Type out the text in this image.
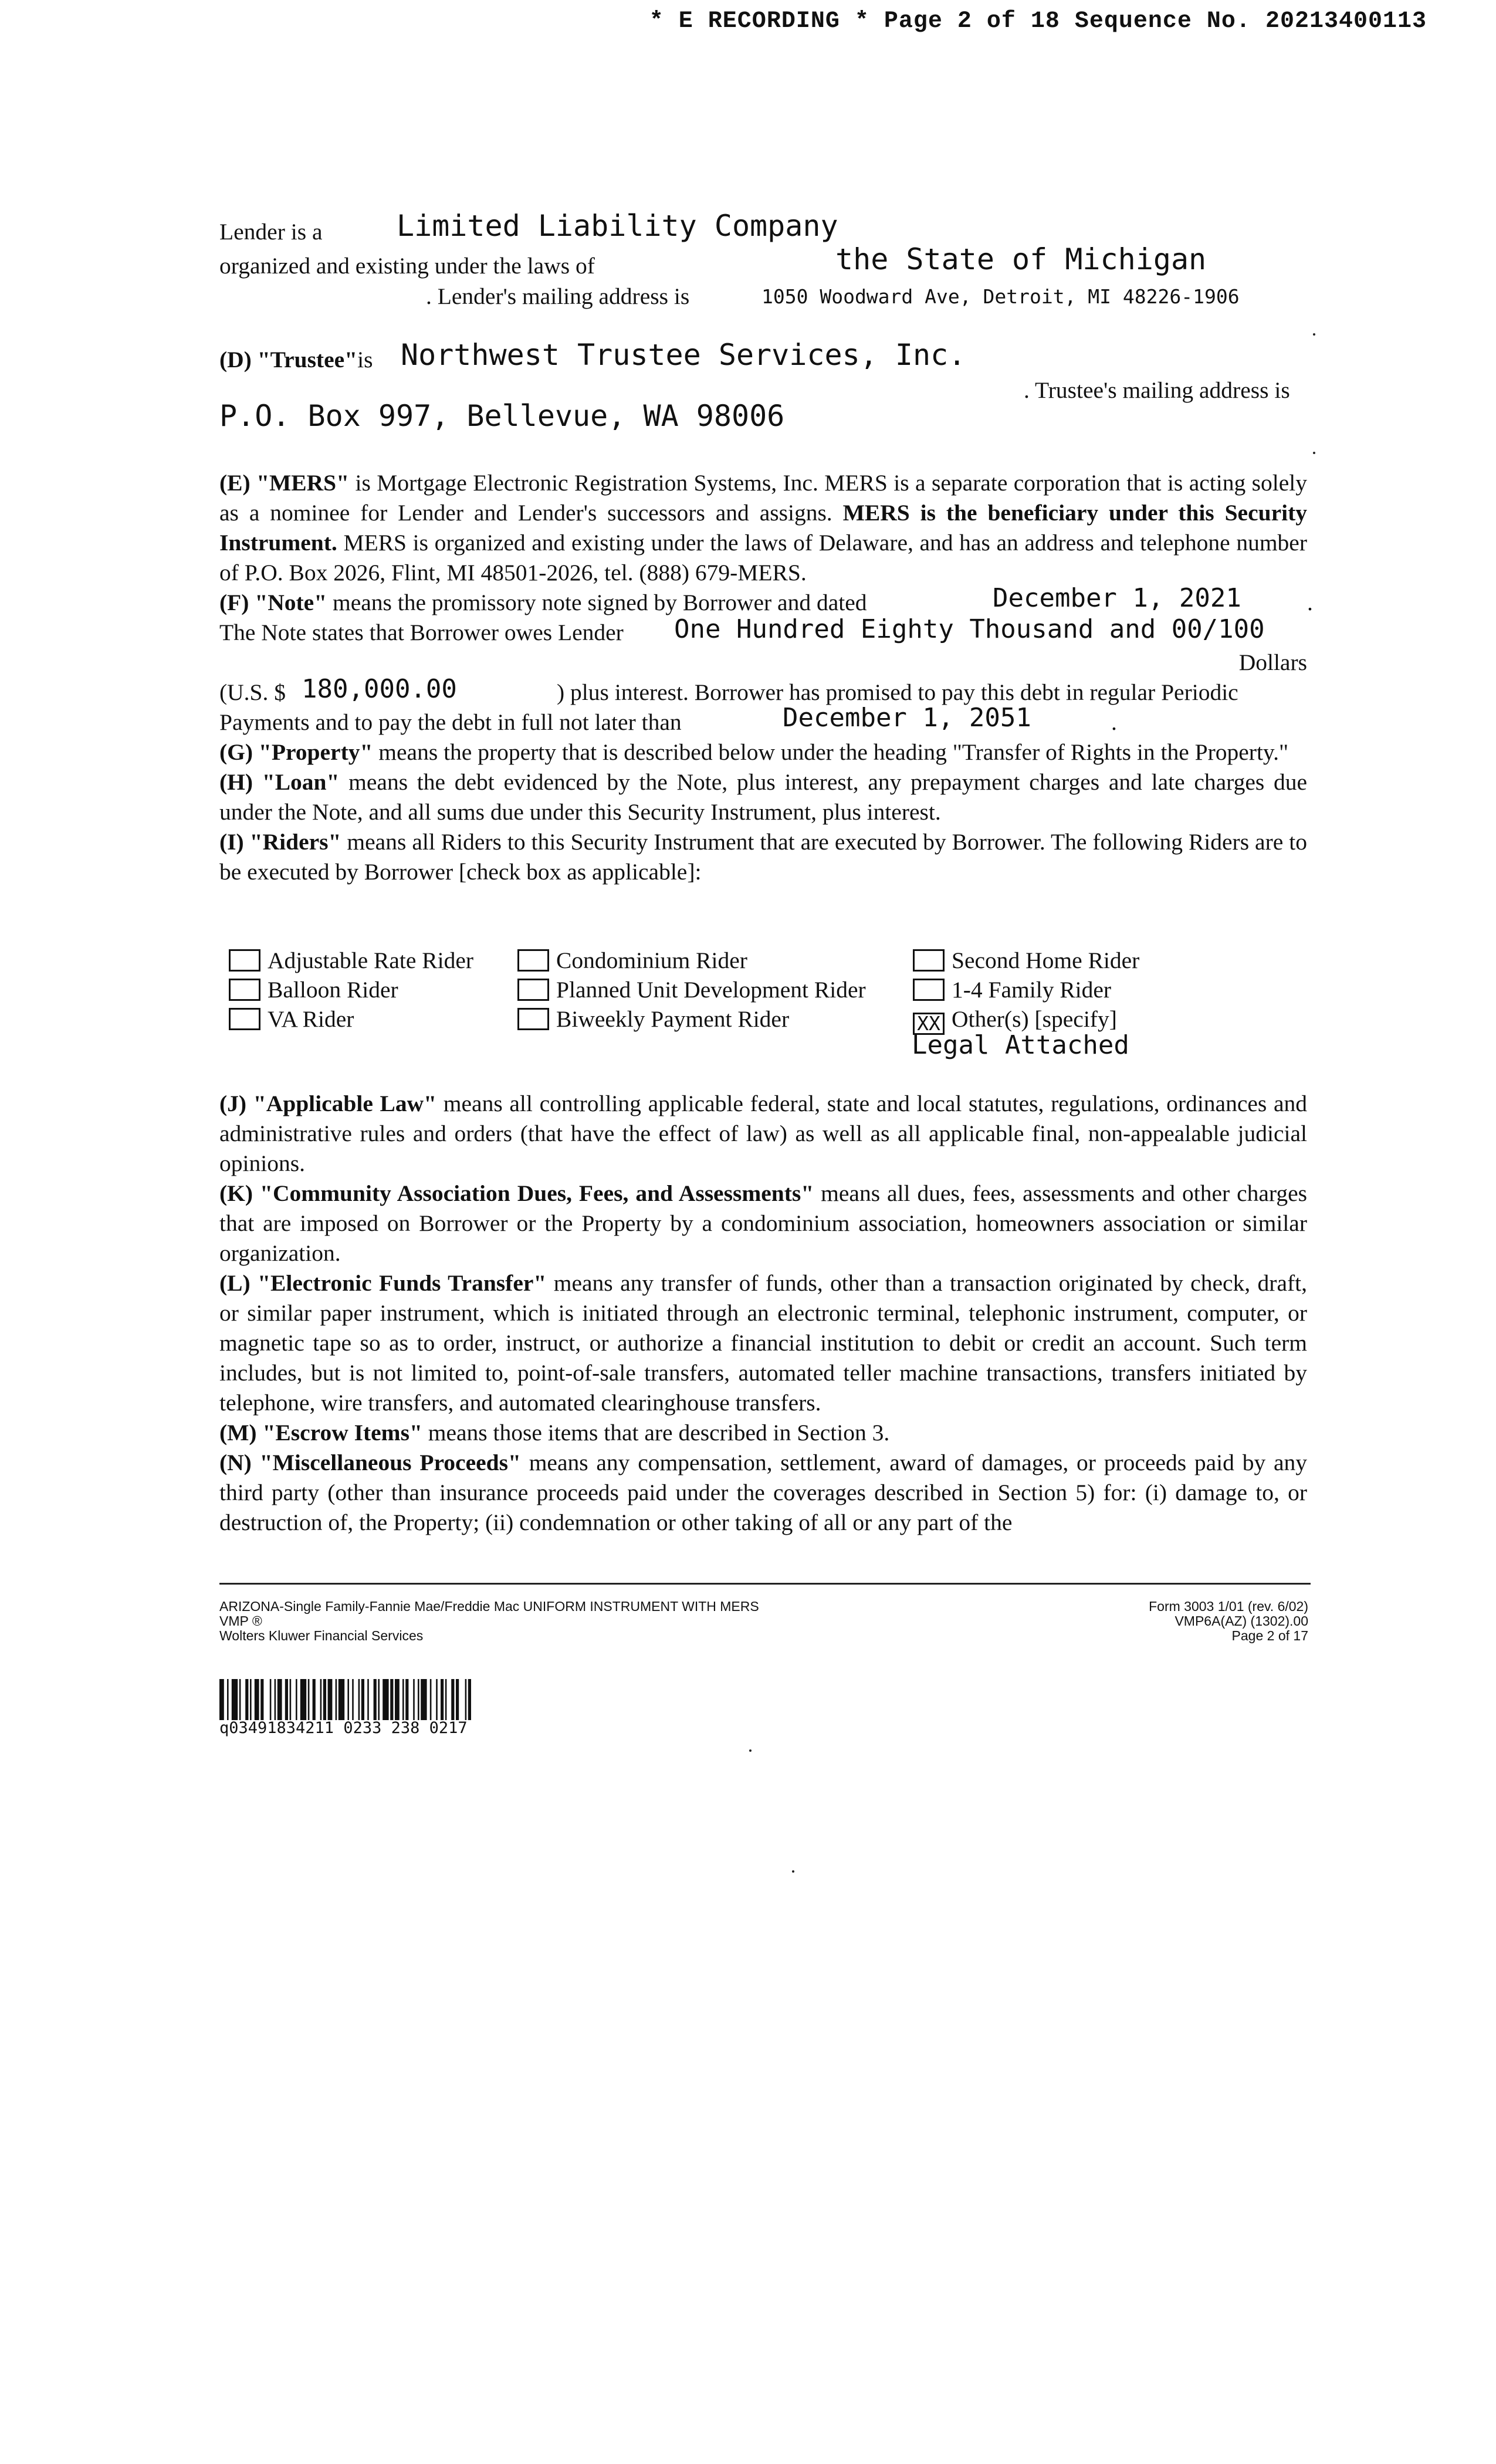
* E RECORDING * Page 2 of 18 Sequence No. 20213400113
Lender is a	Limited Liability Company
organized and existing under the laws of	the State of Michigan
. Lender's mailing address is	1050 Woodward Ave, Detroit, MI 48226-1906
(D) "Trustee"is Northwest Trustee Services, Inc.
. Trustee's mailing address is
P.O. Box 997, Bellevue, WA 98006

(E) "MERS" is Mortgage Electronic Registration Systems, Inc. MERS is a separate corporation that is acting solely as a nominee for Lender and Lender's successors and assigns. MERS is the beneficiary under this Security Instrument. MERS is organized and existing under the laws of Delaware, and has an address and telephone number of P.O. Box 2026, Flint, MI 48501-2026, tel. (888) 679-MERS.

(F) "Note" means the promissory note signed by Borrower and dated	December 1, 2021	.

The Note states that Borrower owes Lender One Hundred Eighty Thousand and 00/100

Dollars

(U.S. $ 180,000.00	) plus interest. Borrower has promised to pay this debt in regular Periodic

Payments and to pay the debt in full not later than	December 1, 2051	.

(G) "Property" means the property that is described below under the heading "Transfer of Rights in the Property."

(H) "Loan" means the debt evidenced by the Note, plus interest, any prepayment charges and late charges due under the Note, and all sums due under this Security Instrument, plus interest.

(I) "Riders" means all Riders to this Security Instrument that are executed by Borrower. The following Riders are to be executed by Borrower [check box as applicable]:

Adjustable Rate Rider	Condominium Rider	Second Home Rider
Balloon Rider	Planned Unit Development Rider	1-4 Family Rider
VA Rider	Biweekly Payment Rider	XX Other(s) [specify]
Legal Attached

(J) "Applicable Law" means all controlling applicable federal, state and local statutes, regulations, ordinances and administrative rules and orders (that have the effect of law) as well as all applicable final, non-appealable judicial opinions.

(K) "Community Association Dues, Fees, and Assessments" means all dues, fees, assessments and other charges that are imposed on Borrower or the Property by a condominium association, homeowners association or similar organization.

(L) "Electronic Funds Transfer" means any transfer of funds, other than a transaction originated by check, draft, or similar paper instrument, which is initiated through an electronic terminal, telephonic instrument, computer, or magnetic tape so as to order, instruct, or authorize a financial institution to debit or credit an account. Such term includes, but is not limited to, point-of-sale transfers, automated teller machine transactions, transfers initiated by telephone, wire transfers, and automated clearinghouse transfers.

(M) "Escrow Items" means those items that are described in Section 3.

(N) "Miscellaneous Proceeds" means any compensation, settlement, award of damages, or proceeds paid by any third party (other than insurance proceeds paid under the coverages described in Section 5) for: (i) damage to, or destruction of, the Property; (ii) condemnation or other taking of all or any part of the

ARIZONA-Single Family-Fannie Mae/Freddie Mac UNIFORM INSTRUMENT WITH MERS
VMP ®
Wolters Kluwer Financial Services
Form 3003 1/01 (rev. 6/02)
VMP6A(AZ) (1302).00
Page 2 of 17
q03491834211 0233 238 0217
